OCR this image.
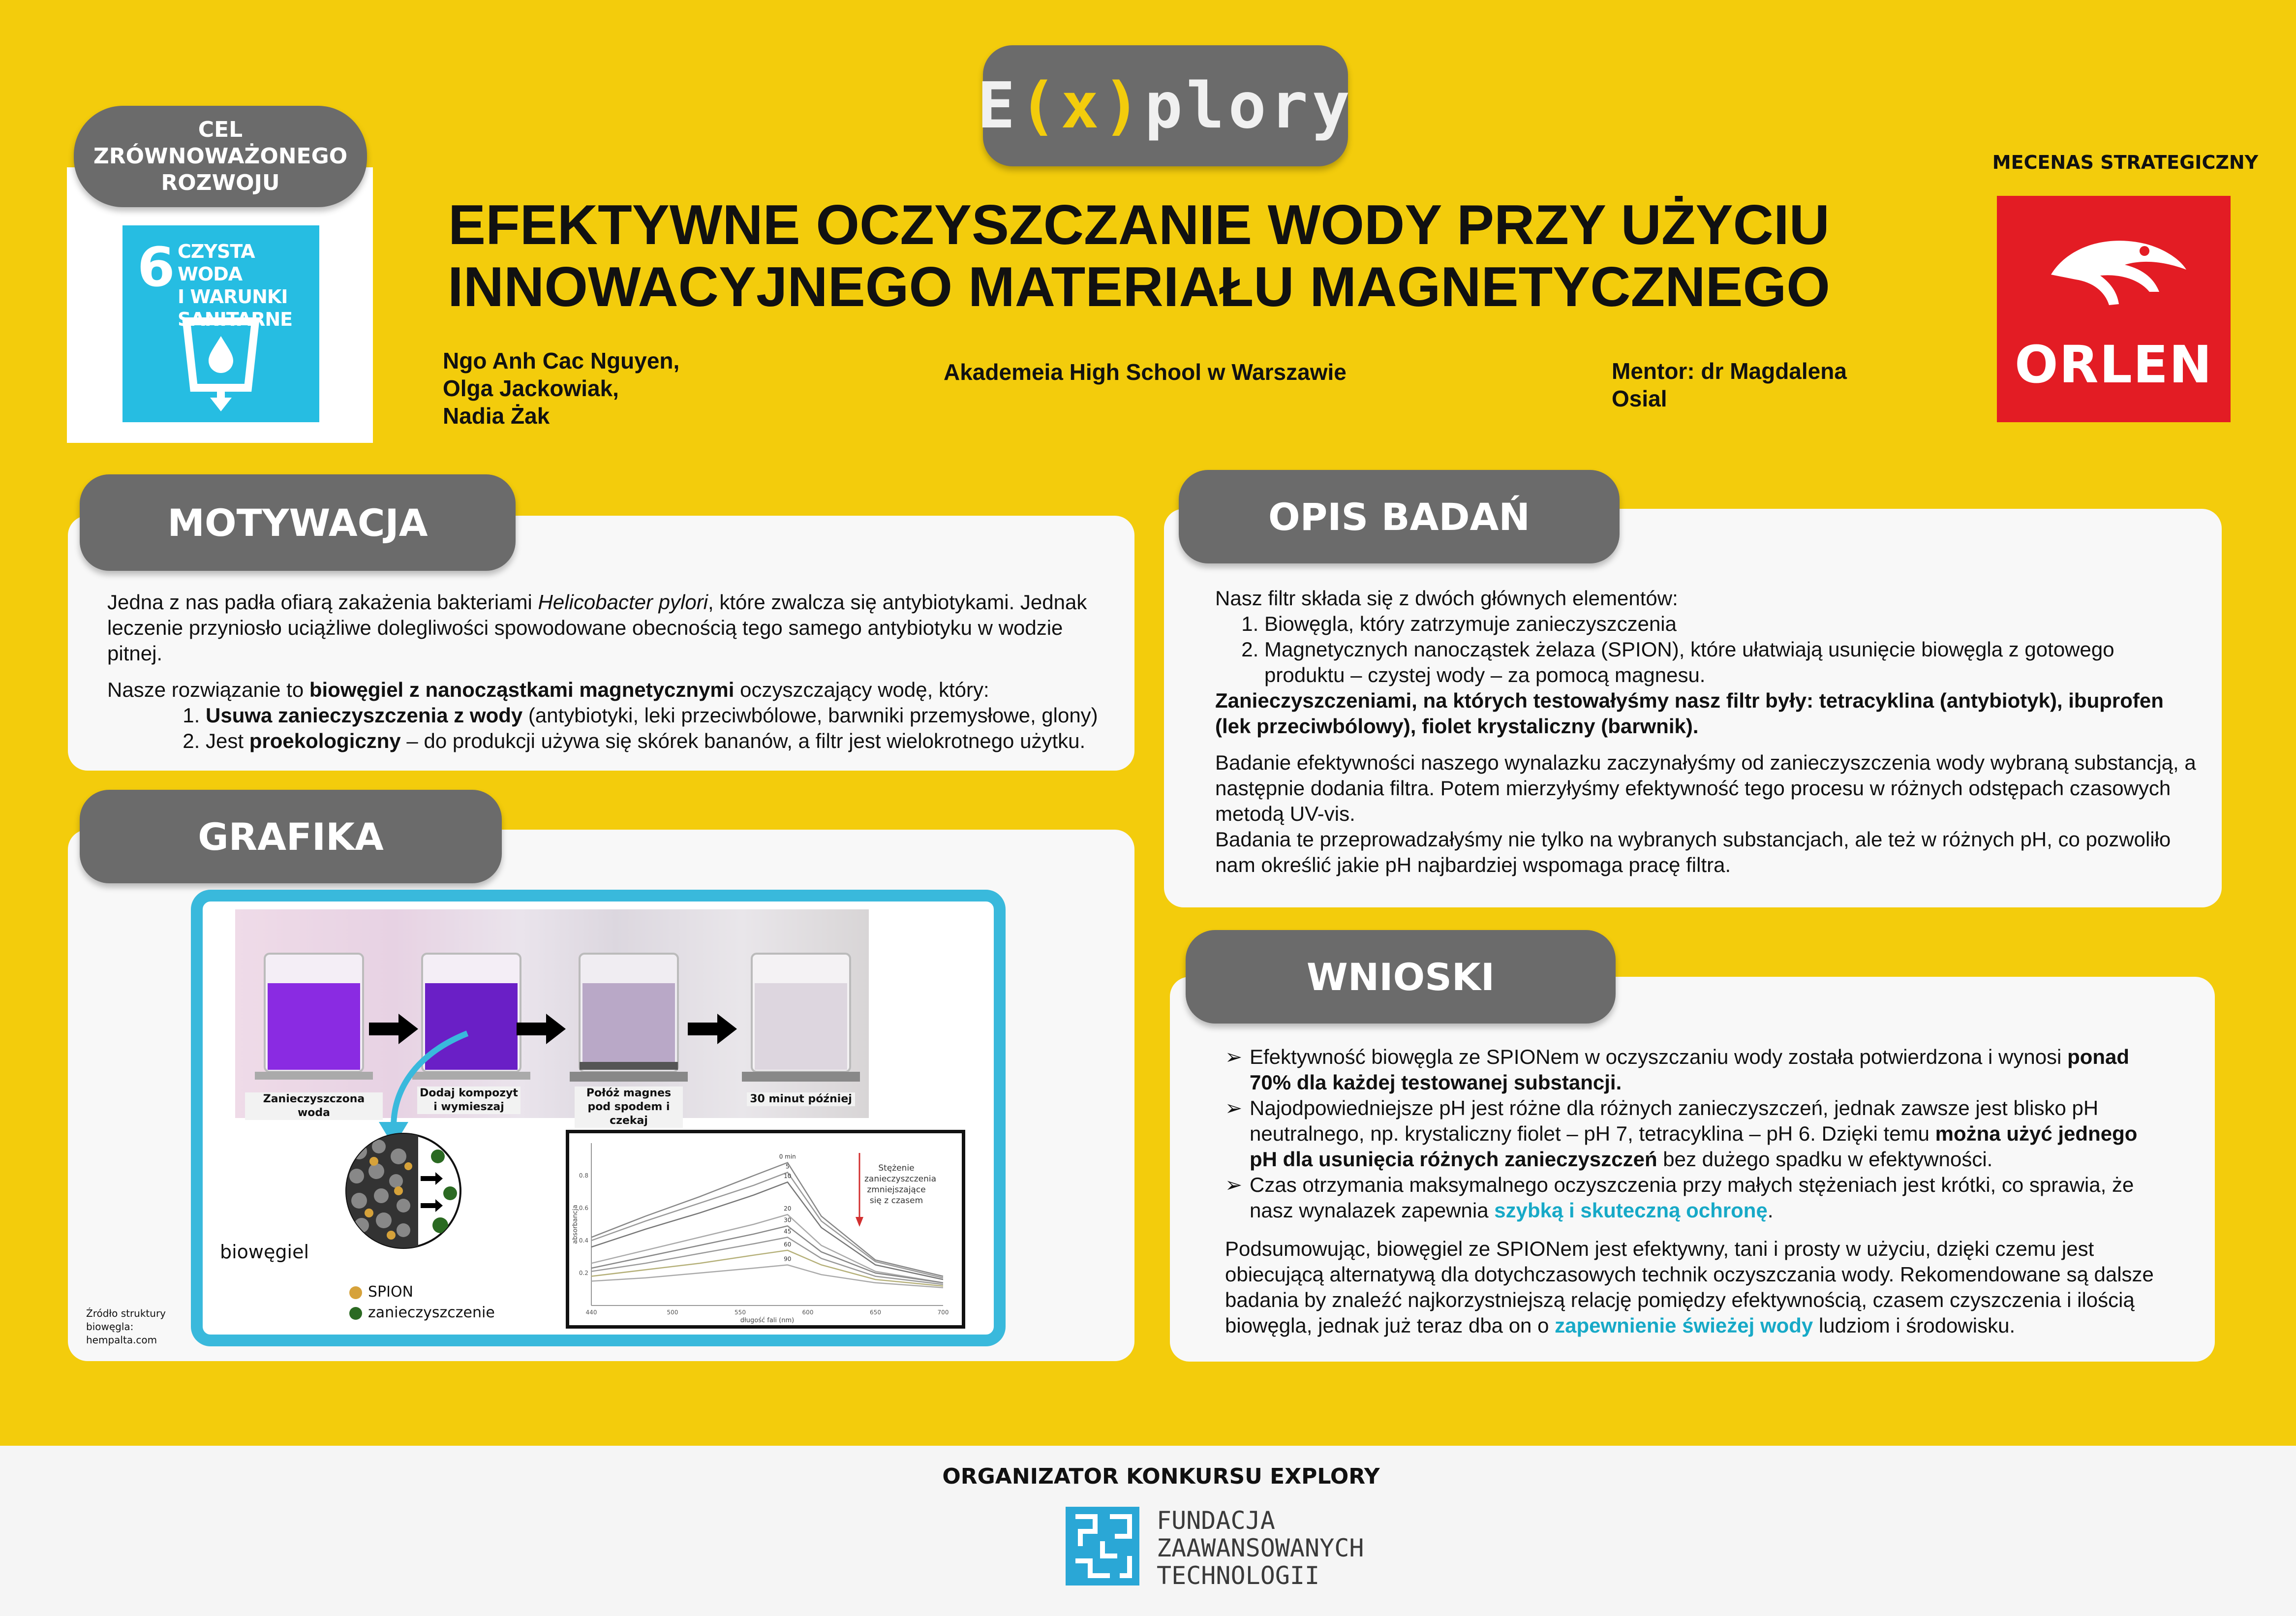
E ( x ) plory
EFEKTYWNE OCZYSZCZANIE WODY PRZY UŻYCIU
INNOWACYJNEGO MATERIAŁU MAGNETYCZNEGO
Ngo Anh Cac Nguyen,
Olga Jackowiak,
Nadia Żak
Akademeia High School w Warszawie	Mentor: dr Magdalena
Osial
MECENAS STRATEGICZNY
ORLEN
CEL
ZRÓWNOWAŻONEGO
ROZWOJU
6 CZYSTA WODA
I WARUNKI
SANITARNE
MOTYWACJA

Jedna z nas padła ofiarą zakażenia bakteriami Helicobacter pylori, które zwalcza się antybiotykami. Jednak leczenie przyniosło uciążliwe dolegliwości spowodowane obecnością tego samego antybiotyku w wodzie pitnej.

Nasze rozwiązanie to biowęgiel z nanocząstkami magnetycznymi oczyszczający wodę, który:

1. Usuwa zanieczyszczenia z wody (antybiotyki, leki przeciwbólowe, barwniki przemysłowe, glony)
2. Jest proekologiczny – do produkcji używa się skórek bananów, a filtr jest wielokrotnego użytku.
GRAFIKA
Zanieczyszczona woda
Dodaj kompozyt i wymieszaj
Połóż magnes pod spodem i czekaj
30 minut później
biowęgiel
SPION
zanieczyszczenie
Źródło struktury
biowęgla:
hempalta.com
440	500	550	600	650	700
0.2
0.4
0.6
0.8
długość fali (nm)
absorbancja
0 min
5
10
20
30
45
60
90
Stężenie zanieczyszczenia zmniejszające się z czasem
OPIS BADAŃ
Nasz filtr składa się z dwóch głównych elementów:
1. Biowęgla, który zatrzymuje zanieczyszczenia
2. Magnetycznych nanocząstek żelaza (SPION), które ułatwiają usunięcie biowęgla z gotowego produktu – czystej wody – za pomocą magnesu.

Zanieczyszczeniami, na których testowałyśmy nasz filtr były: tetracyklina (antybiotyk), ibuprofen (lek przeciwbólowy), fiolet krystaliczny (barwnik).

Badanie efektywności naszego wynalazku zaczynałyśmy od zanieczyszczenia wody wybraną substancją, a następnie dodania filtra. Potem mierzyłyśmy efektywność tego procesu w różnych odstępach czasowych metodą UV-vis.
Badania te przeprowadzałyśmy nie tylko na wybranych substancjach, ale też w różnych pH, co pozwoliło nam określić jakie pH najbardziej wspomaga pracę filtra.
WNIOSKI
➢ Efektywność biowęgla ze SPIONem w oczyszczaniu wody została potwierdzona i wynosi ponad 70% dla każdej testowanej substancji.
➢ Najodpowiedniejsze pH jest różne dla różnych zanieczyszczeń, jednak zawsze jest blisko pH neutralnego, np. krystaliczny fiolet – pH 7, tetracyklina – pH 6. Dzięki temu można użyć jednego pH dla usunięcia różnych zanieczyszczeń bez dużego spadku w efektywności.
➢ Czas otrzymania maksymalnego oczyszczenia przy małych stężeniach jest krótki, co sprawia, że nasz wynalazek zapewnia szybką i skuteczną ochronę.
Podsumowując, biowęgiel ze SPIONem jest efektywny, tani i prosty w użyciu, dzięki czemu jest obiecującą alternatywą dla dotychczasowych technik oczyszczania wody. Rekomendowane są dalsze badania by znaleźć najkorzystniejszą relację pomiędzy efektywnością, czasem czyszczenia i ilością biowęgla, jednak już teraz dba on o zapewnienie świeżej wody ludziom i środowisku.
ORGANIZATOR KONKURSU EXPLORY
FUNDACJA
ZAAWANSOWANYCH
TECHNOLOGII
